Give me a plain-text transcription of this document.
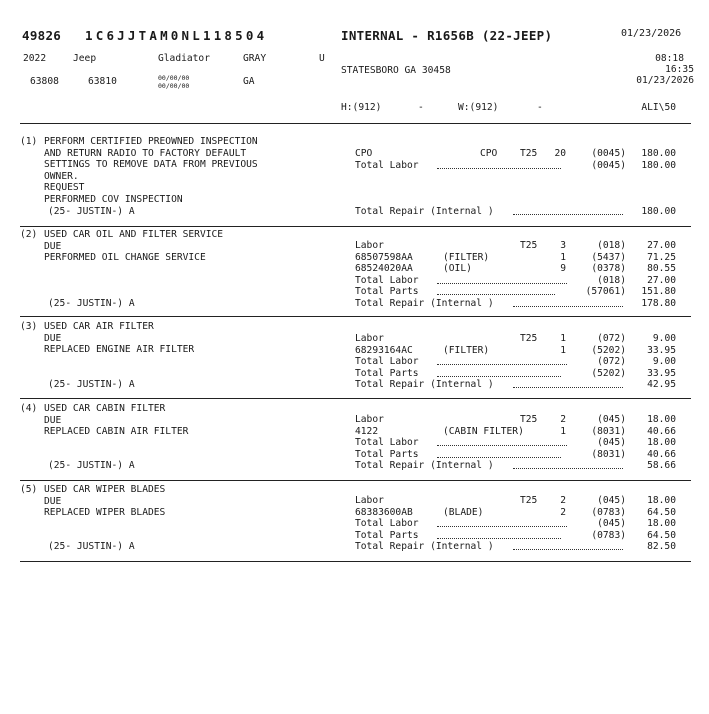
49826 1C6JJTAM0NL118504	INTERNAL - R1656B (22-JEEP)	01/23/2026
2022	Jeep	Gladiator	GRAY	U	08:18
16:35
STATESBORO GA 30458
63808	63810	00/00/00
00/00/00	GA	01/23/2026
H:(912)	-	W:(912)	-	ALI\50
(1) PERFORM CERTIFIED PREOWNED INSPECTION
AND RETURN RADIO TO FACTORY DEFAULT
SETTINGS TO REMOVE DATA FROM PREVIOUS
OWNER.
REQUEST
PERFORMED COV INSPECTION
CPO	CPO T25	20	(0045)	180.00
Total Labor	(0045)	180.00
Total Repair (Internal )	180.00
(25- JUSTIN-) A
(2) USED CAR OIL AND FILTER SERVICE
DUE
PERFORMED OIL CHANGE SERVICE
Labor	T25	3	(018)	27.00
68507598AA	(FILTER)	1	(5437)	71.25
68524020AA	(OIL)	9	(0378)	80.55
Total Labor	(018)	27.00
Total Parts	(57061)	151.80
Total Repair (Internal )	178.80
(25- JUSTIN-) A
(3) USED CAR AIR FILTER
DUE
REPLACED ENGINE AIR FILTER
Labor	T25	1	(072)	9.00
68293164AC	(FILTER)	1	(5202)	33.95
Total Labor	(072)	9.00
Total Parts	(5202)	33.95
Total Repair (Internal )	42.95
(25- JUSTIN-) A
(4) USED CAR CABIN FILTER
DUE
REPLACED CABIN AIR FILTER
Labor	T25	2	(045)	18.00
4122	(CABIN FILTER)	1	(8031)	40.66
Total Labor	(045)	18.00
Total Parts	(8031)	40.66
Total Repair (Internal )	58.66
(25- JUSTIN-) A
(5) USED CAR WIPER BLADES
DUE
REPLACED WIPER BLADES
Labor	T25	2	(045)	18.00
68383600AB	(BLADE)	2	(0783)	64.50
Total Labor	(045)	18.00
Total Parts	(0783)	64.50
Total Repair (Internal )	82.50
(25- JUSTIN-) A
